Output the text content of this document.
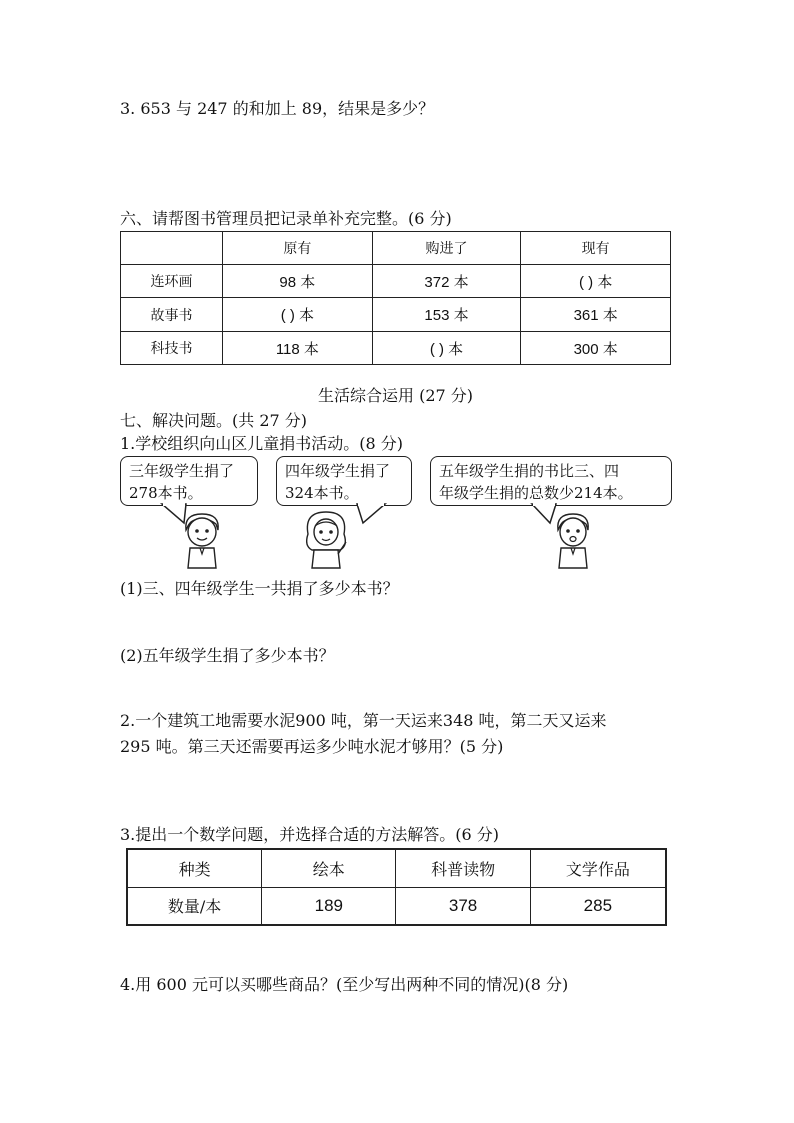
3. 653 与 247 的和加上 89，结果是多少？
六、请帮图书管理员把记录单补充完整。(6 分)
	原有	购进了	现有
连环画	98 本	372 本	( ) 本
故事书	( ) 本	153 本	361 本
科技书	118 本	( ) 本	300 本
生活综合运用 (27 分)
七、解决问题。(共 27 分)
1.学校组织向山区儿童捐书活动。(8 分)
三年级学生捐了
278本书。
四年级学生捐了
324本书。
五年级学生捐的书比三、四
年级学生捐的总数少214本。
(1)三、四年级学生一共捐了多少本书？
(2)五年级学生捐了多少本书？
2.一个建筑工地需要水泥900 吨，第一天运来348 吨，第二天又运来
295 吨。第三天还需要再运多少吨水泥才够用？(5 分)
3.提出一个数学问题，并选择合适的方法解答。(6 分)
种类	绘本	科普读物	文学作品
数量/本	189	378	285
4.用 600 元可以买哪些商品？(至少写出两种不同的情况)(8 分)
